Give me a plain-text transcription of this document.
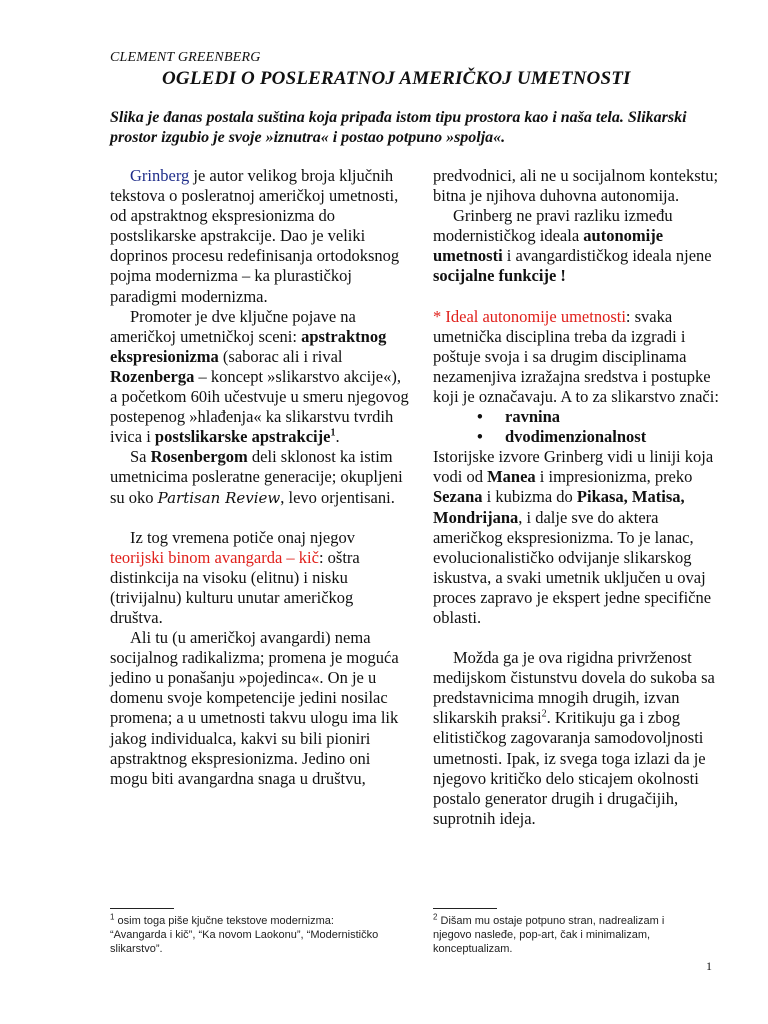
CLEMENT GREENBERG
OGLEDI O POSLERATNOJ AMERIČKOJ UMETNOSTI
Slika je đanas postala suština koja pripađa istom tipu prostora kao i naša tela. Slikarski prostor izgubio je svoje »iznutra« i postao potpuno »spolja«.

Grinberg je autor velikog broja ključnih tekstova o posleratnoj američkoj umetnosti, od apstraktnog ekspresionizma do postslikarske apstrakcije. Dao je veliki doprinos procesu redefinisanja ortodoksnog pojma modernizma – ka plurastičkoj paradigmi modernizma.

Promoter je dve ključne pojave na američkoj umetničkoj sceni: apstraktnog ekspresionizma (saborac ali i rival Rozenberga – koncept »slikarstvo akcije«), a početkom 60ih učestvuje u smeru njegovog postepenog »hlađenja« ka slikarstvu tvrdih ivica i postslikarske apstrakcije$^1$.

Sa Rosenbergom deli sklonost ka istim umetnicima posleratne generacije; okupljeni su oko Partisan Review, levo orjentisani.

Iz tog vremena potiče onaj njegov teorijski binom avangarda – kič: oštra distinkcija na visoku (elitnu) i nisku (trivijalnu) kulturu unutar američkog društva.

Ali tu (u američkoj avangardi) nema socijalnog radikalizma; promena je moguća jedino u ponašanju »pojedinca«. On je u domenu svoje kompetencije jedini nosilac promena; a u umetnosti takvu ulogu ima lik jakog individualca, kakvi su bili pioniri apstraktnog ekspresionizma. Jedino oni mogu biti avangardna snaga u društvu,

predvodnici, ali ne u socijalnom kontekstu; bitna je njihova duhovna autonomija.

Grinberg ne pravi razliku između modernističkog ideala autonomije umetnosti i avangardističkog ideala njene socijalne funkcije !

* Ideal autonomije umetnosti: svaka umetnička disciplina treba da izgradi i poštuje svoja i sa drugim disciplinama nezamenjiva izražajna sredstva i postupke koji je označavaju. A to za slikarstvo znači:

• ravnina
• dvodimenzionalnost

Istorijske izvore Grinberg vidi u liniji koja vodi od Manea i impresionizma, preko Sezana i kubizma do Pikasa, Matisa, Mondrijana, i dalje sve do aktera američkog ekspresionizma. To je lanac, evolucionalističko odvijanje slikarskog iskustva, a svaki umetnik uključen u ovaj proces zapravo je ekspert jedne specifične oblasti.

Možda ga je ova rigidna privrženost medijskom čistunstvu dovela do sukoba sa predstavnicima mnogih drugih, izvan slikarskih praksi$^2$. Kritikuju ga i zbog elitističkog zagovaranja samodovoljnosti umetnosti. Ipak, iz svega toga izlazi da je njegovo kritičko delo sticajem okolnosti postalo generator drugih i drugačijih, suprotnih ideja.

$^1$ osim toga piše kjučne tekstove modernizma: “Avangarda i kič”, “Ka novom Laokonu”, “Modernističko slikarstvo”.
$^2$ Dišam mu ostaje potpuno stran, nadrealizam i njegovo nasleđe, pop-art, čak i minimalizam, konceptualizam.
1
